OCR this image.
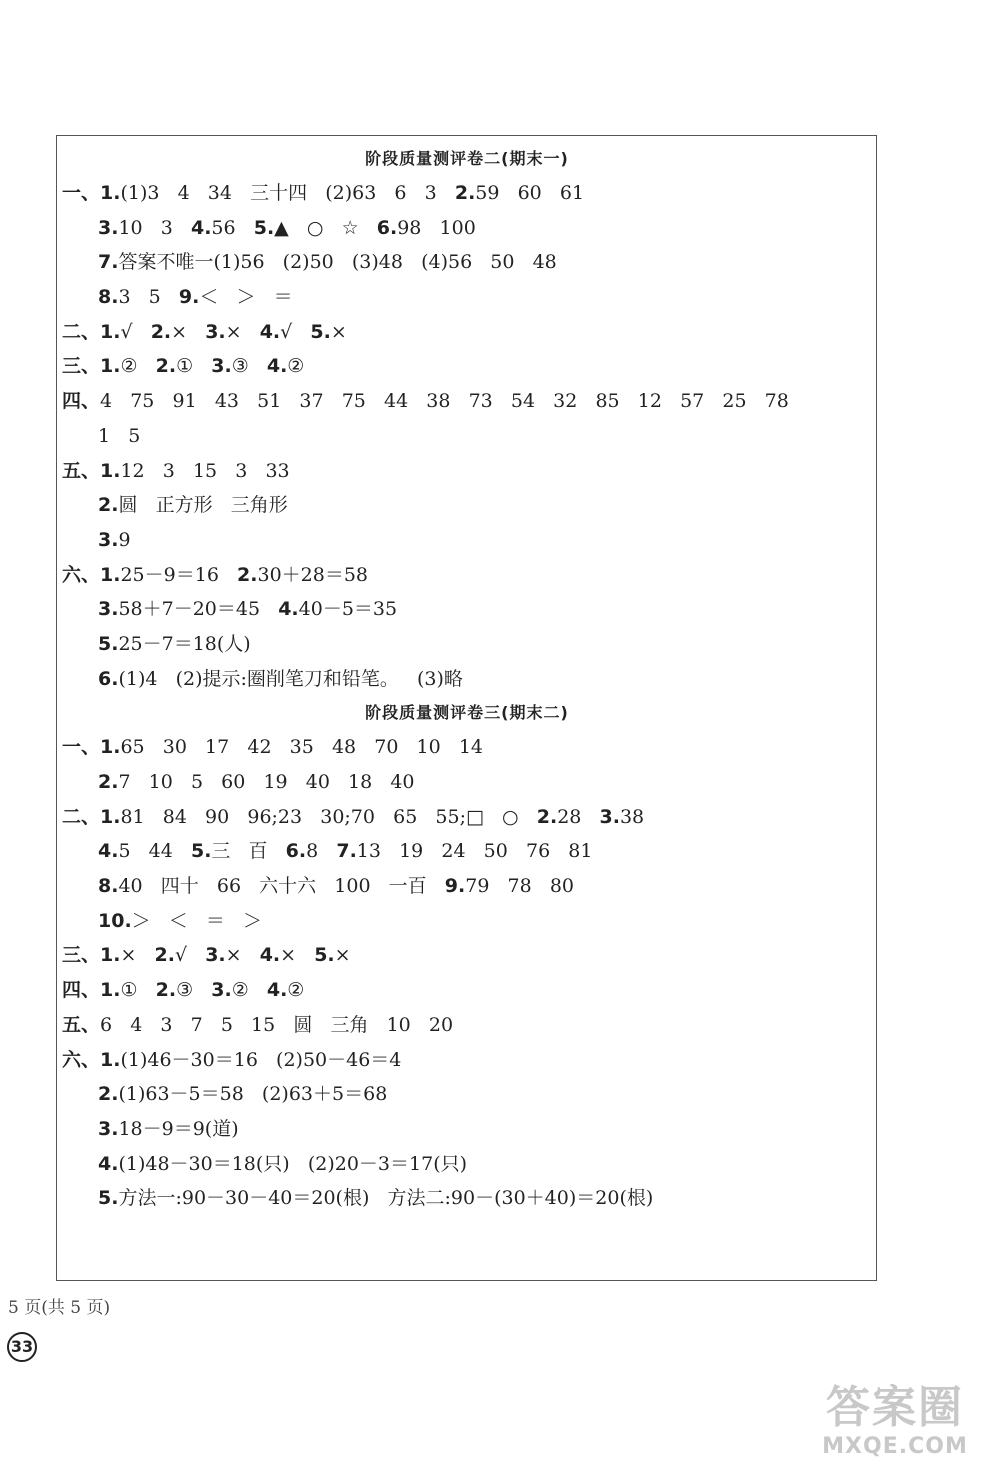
阶段质量测评卷二(期末一)
一、1.(1)3   4   34   三十四   (2)63   6   3   2.59   60   61
3.10   3   4.56   5.▲   ○   ☆   6.98   100
7.答案不唯一(1)56   (2)50   (3)48   (4)56   50   48
8.3   5   9.＜   ＞   ＝
二、1.√   2.×   3.×   4.√   5.×
三、1.②   2.①   3.③   4.②
四、4   75   91   43   51   37   75   44   38   73   54   32   85   12   57   25   78
1   5
五、1.12   3   15   3   33
2.圆   正方形   三角形
3.9
六、1.25－9＝16   2.30＋28＝58
3.58＋7－20＝45   4.40－5＝35
5.25－7＝18(人)
6.(1)4   (2)提示:圈削笔刀和铅笔。   (3)略
阶段质量测评卷三(期末二)
一、1.65   30   17   42   35   48   70   10   14
2.7   10   5   60   19   40   18   40
二、1.81   84   90   96;23   30;70   65   55;□   ○   2.28   3.38
4.5   44   5.三   百   6.8   7.13   19   24   50   76   81
8.40   四十   66   六十六   100   一百   9.79   78   80
10.＞   ＜   ＝   ＞
三、1.×   2.√   3.×   4.×   5.×
四、1.①   2.③   3.②   4.②
五、6   4   3   7   5   15   圆   三角   10   20
六、1.(1)46－30＝16   (2)50－46＝4
2.(1)63－5＝58   (2)63＋5＝68
3.18－9＝9(道)
4.(1)48－30＝18(只)   (2)20－3＝17(只)
5.方法一:90－30－40＝20(根)   方法二:90－(30＋40)＝20(根)
5 页(共 5 页)
33
答案圈
MXQE.COM
